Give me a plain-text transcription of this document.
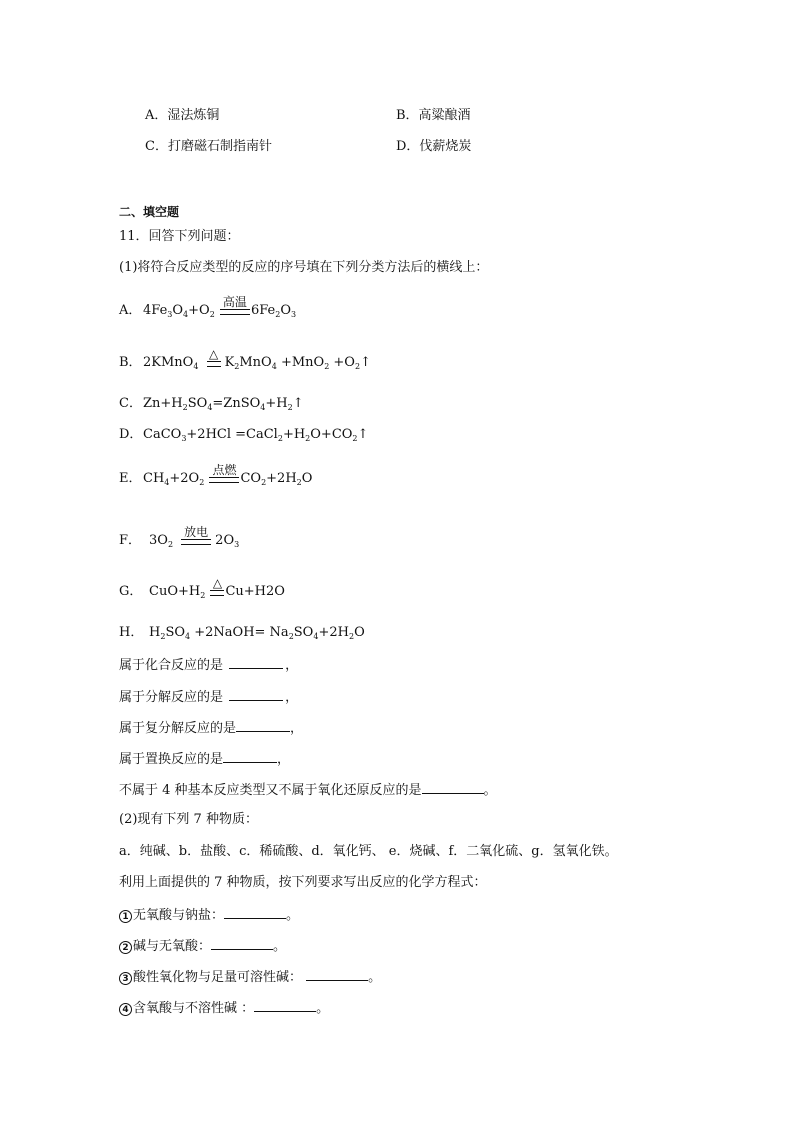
A．湿法炼铜	B．高粱酿酒
C．打磨磁石制指南针	D．伐薪烧炭
二、填空题
11．回答下列问题：
(1)将符合反应类型的反应的序号填在下列分类方法后的横线上：
A． $4Fe_3O_4+O_2$
高温
$6Fe_2O_3$
B．2KMnO$_4$
△
$K_2MnO_4 +MnO_2$ $+O_2↑$
C．$Zn+H_2SO_4=ZnSO_4+H_2↑$
D．CaCO$_3$+2HCl $=CaCl_2+H_2O+CO_2↑$
E． $CH_4+2O_2$
点燃
$CO_2+2H_2O$
F． $3O_2$
放电
$2O_3$
G． $CuO+H_2$
△
Cu+H2O
H． $H_2SO_4$ +2NaOH= $Na_2SO_4+2H_2O$
属于化合反应的是	，
属于分解反应的是	，
属于复分解反应的是	，
属于置换反应的是	，
不属于 4 种基本反应类型又不属于氧化还原反应的是	。
(2)现有下列 7 种物质：
a．纯碱、b．盐酸、c．稀硫酸、d．氧化钙、 e．烧碱、f．二氧化硫、g．氢氧化铁。
利用上面提供的 7 种物质，按下列要求写出反应的化学方程式：
1 无氧酸与钠盐：	。
2 碱与无氧酸：	。
3 酸性氧化物与足量可溶性碱：	。
4 含氧酸与不溶性碱 ：	。
